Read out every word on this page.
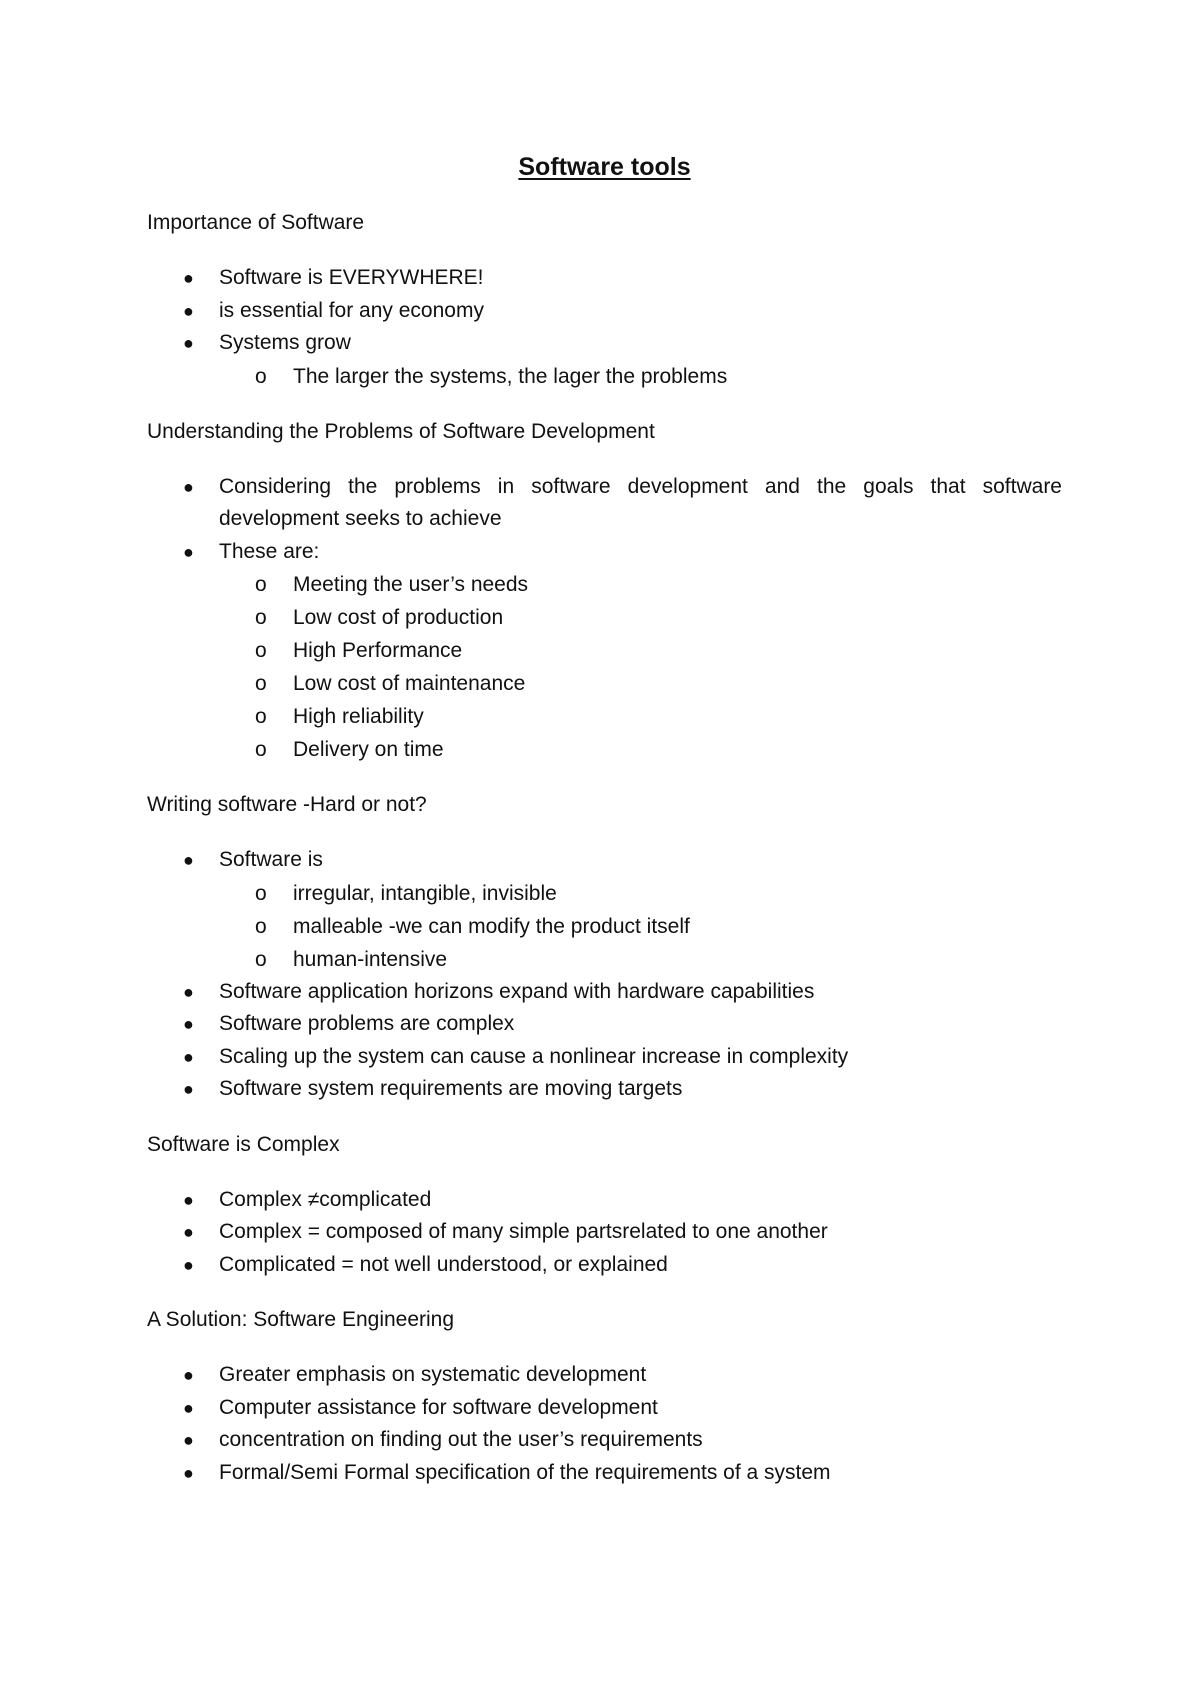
Software tools

Importance of Software

● Software is EVERYWHERE!
● is essential for any economy
● Systems grow
o The larger the systems, the lager the problems

Understanding the Problems of Software Development

● Considering the problems in software development and the goals that software development seeks to achieve
● These are:
o Meeting the user’s needs
o Low cost of production
o High Performance
o Low cost of maintenance
o High reliability
o Delivery on time

Writing software -Hard or not?

● Software is
o irregular, intangible, invisible
o malleable -we can modify the product itself
o human-intensive
● Software application horizons expand with hardware capabilities
● Software problems are complex
● Scaling up the system can cause a nonlinear increase in complexity
● Software system requirements are moving targets

Software is Complex

● Complex ≠complicated
● Complex = composed of many simple partsrelated to one another
● Complicated = not well understood, or explained

A Solution: Software Engineering

● Greater emphasis on systematic development
● Computer assistance for software development
● concentration on finding out the user’s requirements
● Formal/Semi Formal specification of the requirements of a system
